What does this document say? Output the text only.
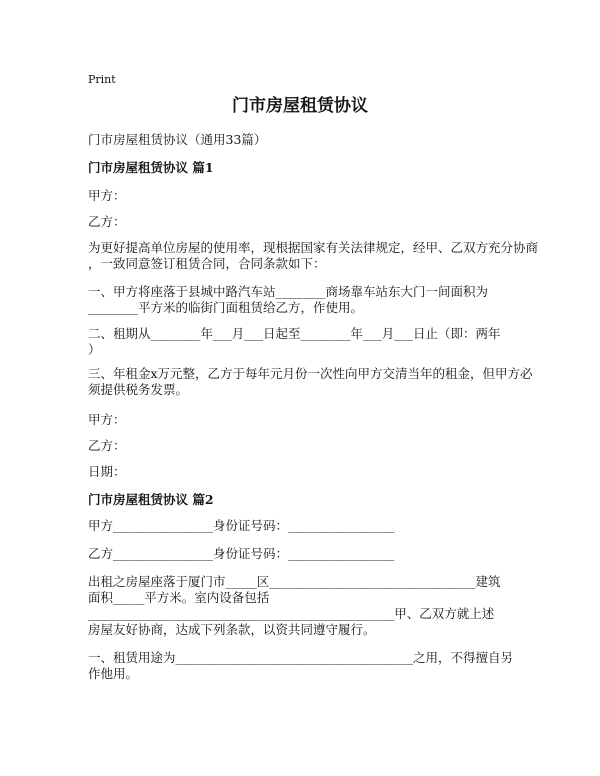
Print
门市房屋租赁协议
门市房屋租赁协议（通用33篇）
门市房屋租赁协议 篇1
甲方：
乙方：
为更好提高单位房屋的使用率，现根据国家有关法律规定，经甲、乙双方充分协商
，一致同意签订租赁合同，合同条款如下：
一、甲方将座落于县城中路汽车站________商场靠车站东大门一间面积为
________平方米的临街门面租赁给乙方，作使用。
二、租期从________年___月___日起至________年___月___日止（即：两年
）
三、年租金x万元整，乙方于每年元月份一次性向甲方交清当年的租金，但甲方必
须提供税务发票。
甲方：
乙方：
日期：
门市房屋租赁协议 篇2
甲方________________身份证号码：_________________
乙方________________身份证号码：_________________
出租之房屋座落于厦门市_____区_________________________________建筑
面积_____平方米。室内设备包括
_________________________________________________甲、乙双方就上述
房屋友好协商，达成下列条款，以资共同遵守履行。
一、租赁用途为______________________________________之用，不得擅自另
作他用。
